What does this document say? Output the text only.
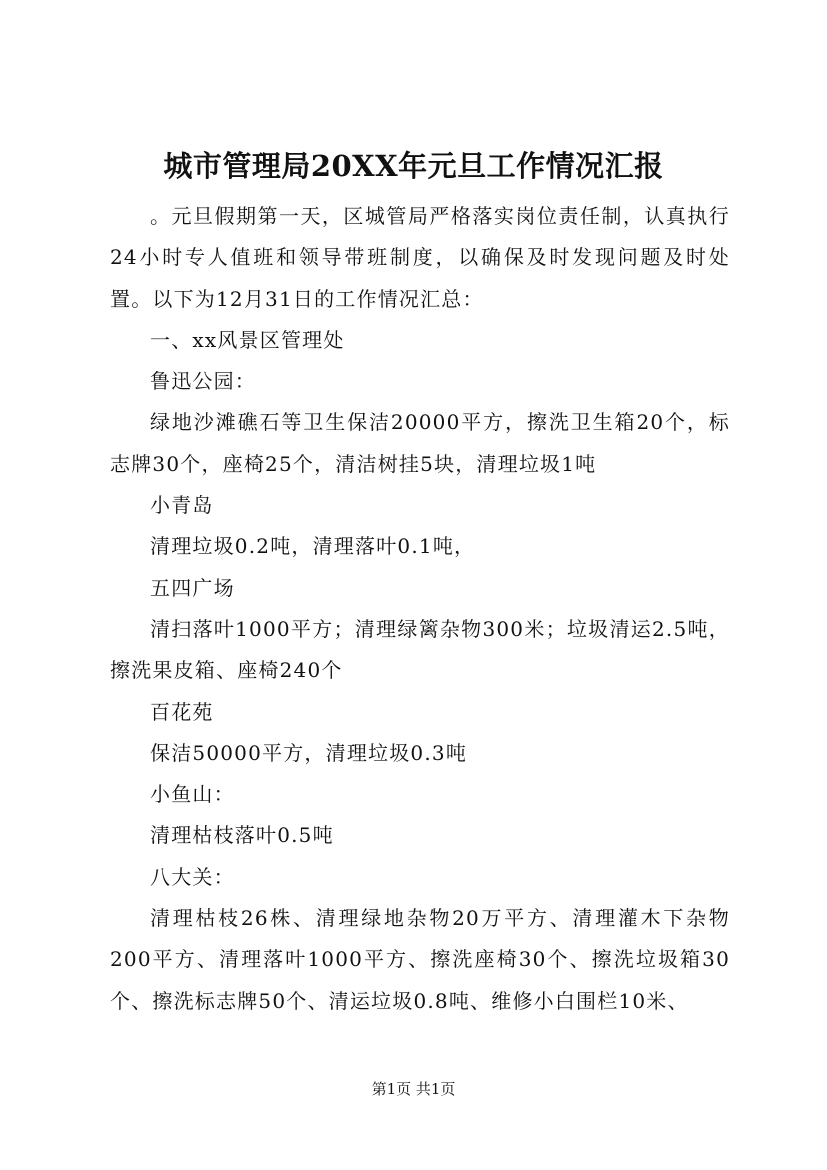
城市管理局20XX年元旦工作情况汇报

。元旦假期第一天，区城管局严格落实岗位责任制，认真执行24小时专人值班和领导带班制度，以确保及时发现问题及时处置。以下为12月31日的工作情况汇总：

一、xx风景区管理处

鲁迅公园：

绿地沙滩礁石等卫生保洁20000平方，擦洗卫生箱20个，标志牌30个，座椅25个，清洁树挂5块，清理垃圾1吨

小青岛

清理垃圾0.2吨，清理落叶0.1吨，

五四广场

清扫落叶1000平方；清理绿篱杂物300米；垃圾清运2.5吨，擦洗果皮箱、座椅240个

百花苑

保洁50000平方，清理垃圾0.3吨

小鱼山：

清理枯枝落叶0.5吨

八大关：

清理枯枝26株、清理绿地杂物20万平方、清理灌木下杂物200平方、清理落叶1000平方、擦洗座椅30个、擦洗垃圾箱30个、擦洗标志牌50个、清运垃圾0.8吨、维修小白围栏10米、

第1页 共1页
